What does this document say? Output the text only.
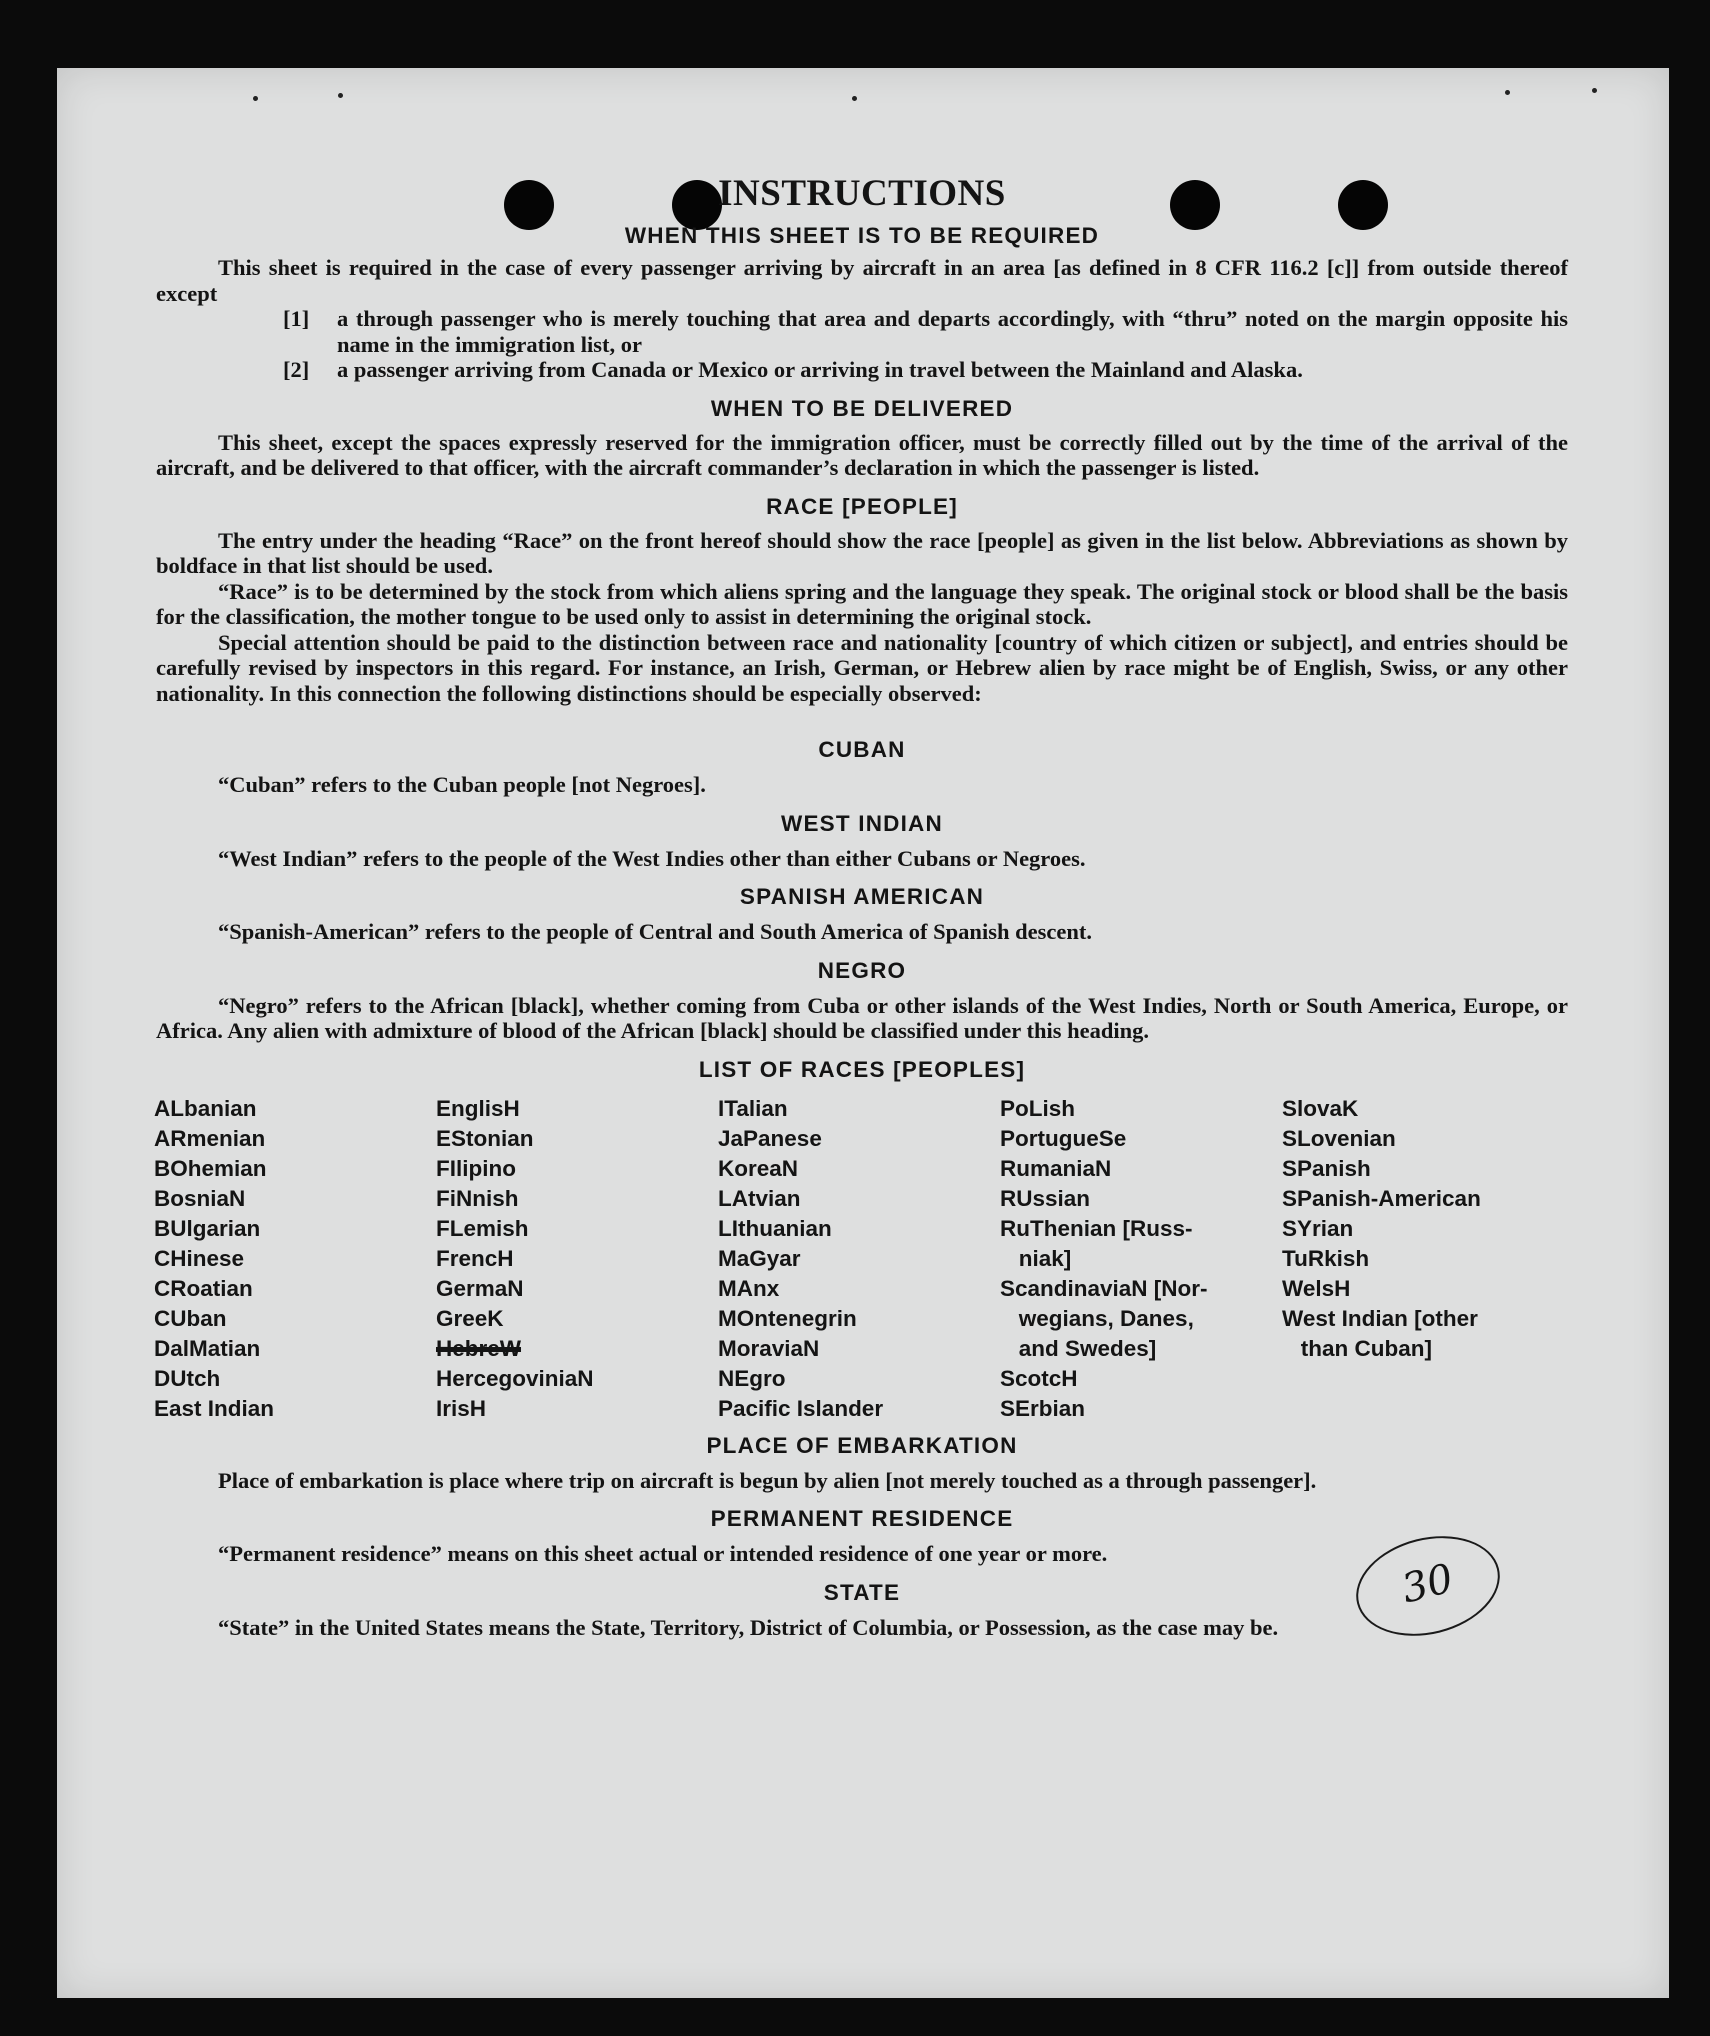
INSTRUCTIONS
WHEN THIS SHEET IS TO BE REQUIRED

This sheet is required in the case of every passenger arriving by aircraft in an area [as defined in 8 CFR 116.2 [c]] from outside thereof except

[1]	a through passenger who is merely touching that area and departs accordingly, with “thru” noted on the margin opposite his name in the immigration list, or

[2]	a passenger arriving from Canada or Mexico or arriving in travel between the Mainland and Alaska.

WHEN TO BE DELIVERED

This sheet, except the spaces expressly reserved for the immigration officer, must be correctly filled out by the time of the arrival of the aircraft, and be delivered to that officer, with the aircraft commander’s declaration in which the passenger is listed.

RACE [PEOPLE]

The entry under the heading “Race” on the front hereof should show the race [people] as given in the list below. Abbreviations as shown by boldface in that list should be used.

“Race” is to be determined by the stock from which aliens spring and the language they speak. The original stock or blood shall be the basis for the classification, the mother tongue to be used only to assist in determining the original stock.

Special attention should be paid to the distinction between race and nationality [country of which citizen or subject], and entries should be carefully revised by inspectors in this regard. For instance, an Irish, German, or Hebrew alien by race might be of English, Swiss, or any other nationality. In this connection the following distinctions should be especially observed:

CUBAN

“Cuban” refers to the Cuban people [not Negroes].

WEST INDIAN

“West Indian” refers to the people of the West Indies other than either Cubans or Negroes.

SPANISH AMERICAN

“Spanish-American” refers to the people of Central and South America of Spanish descent.

NEGRO

“Negro” refers to the African [black], whether coming from Cuba or other islands of the West Indies, North or South America, Europe, or Africa. Any alien with admixture of blood of the African [black] should be classified under this heading.

LIST OF RACES [PEOPLES]
ALbanian
ARmenian
BOhemian
BosniaN
BUlgarian
CHinese
CRoatian
CUban
DalMatian
DUtch
East Indian
EnglisH
EStonian
FIlipino
FiNnish
FLemish
FrencH
GermaN
GreeK
HebreW
HercegoviniaN
IrisH
ITalian
JaPanese
KoreaN
LAtvian
LIthuanian
MaGyar
MAnx
MOntenegrin
MoraviaN
NEgro
Pacific Islander
PoLish
PortugueSe
RumaniaN
RUssian
RuThenian [Russ-
niak]
ScandinaviaN [Nor-
wegians, Danes,
and Swedes]
ScotcH
SErbian
SlovaK
SLovenian
SPanish
SPanish-American
SYrian
TuRkish
WelsH
West Indian [other
than Cuban]
PLACE OF EMBARKATION

Place of embarkation is place where trip on aircraft is begun by alien [not merely touched as a through passenger].

PERMANENT RESIDENCE

“Permanent residence” means on this sheet actual or intended residence of one year or more.

STATE

“State” in the United States means the State, Territory, District of Columbia, or Possession, as the case may be.

30
